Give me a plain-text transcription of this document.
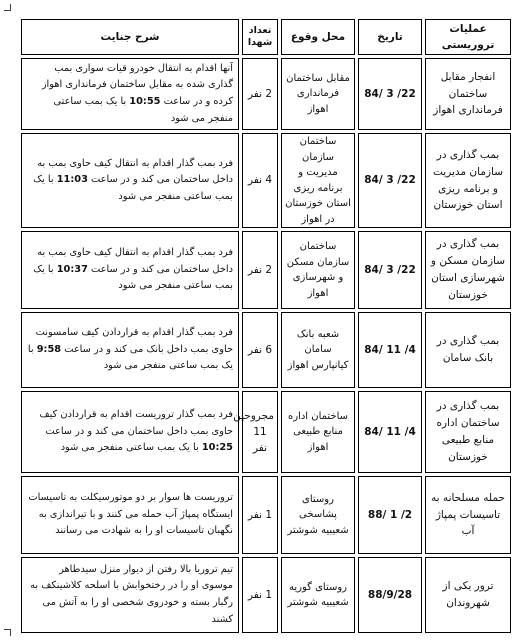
عملیات تروریستی	تاریخ	محل وقوع	تعداد شهدا	شرح جنایت
انفجار مقابل ساختمان فرمانداری اهواز	84/ 3 /22	مقابل ساختمان فرمانداری اهواز	2 نفر	آنها اقدام به انتقال خودرو قیات سواری بمب گذاری شده به مقابل ساختمان فرمانداری اهواز کرده و در ساعت 10:55 با یک بمب ساعتی منفجر می شود
بمب گذاری در سازمان مدیریت و برنامه ریزی استان خوزستان	84/ 3 /22	ساختمان سازمان مدیریت و برنامه ریزی استان خوزستان در اهواز	4 نفر	فرد بمب گذار اقدام به انتقال کیف حاوی بمب به داخل ساختمان می کند و در ساعت 11:03 با یک بمب ساعتی منفجر می شود
بمب گذاری در سازمان مسکن و شهرسازی استان خوزستان	84/ 3 /22	ساختمان سازمان مسکن و شهرسازی اهواز	2 نفر	فرد بمب گذار اقدام به انتقال کیف حاوی بمب به داخل ساختمان می کند و در ساعت 10:37 با یک بمب ساعتی منفجر می شود
بمب گذاری در بانک سامان	84/ 11 /4	شعبه بانک سامان کیانپارس اهواز	6 نفر	فرد بمب گذار اقدام به قراردادن کیف سامسونت حاوی بمب داخل بانک می کند و در ساعت 9:58 با یک بمب ساعتی منفجر می شود
بمب گذاری در ساختمان اداره منابع طبیعی خوزستان	84/ 11 /4	ساختمان اداره منابع طبیعی اهواز	مجروحین 11 نفر	فرد بمب گذار تروریست اقدام به قراردادن کیف حاوی بمب داخل ساختمان می کند و در ساعت 10:25 با یک بمب ساعتی منفجر می شود
حمله مسلحانه به تاسیسات پمپاژ آب	88/ 1 /2	روستای پشاسخی شعیبیه شوشتر	1 نفر	تروریست ها سوار بر دو موتورسیکلت به تاسیسات ایستگاه پمپاژ آب حمله می کنند و با تیراندازی به نگهبان تاسیسات او را به شهادت می رسانند
ترور یکی از شهروندان	88/9/28	روستای گوریه شعیبیه شوشتر	1 نفر	تیم تروریا بالا رفتن از دیوار منزل سیدطاهر موسوی او را در رختخوابش با اسلحه کلاشینکف به رگبار بسته و خودروی شخصی او را به آتش می کشند
